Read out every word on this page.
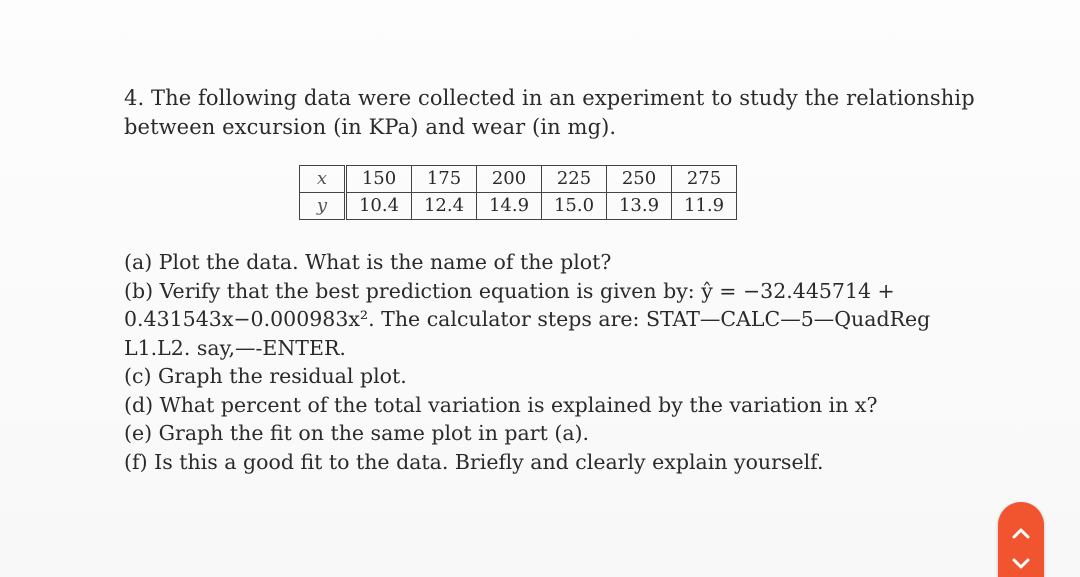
4. The following data were collected in an experiment to study the relationship
between excursion (in KPa) and wear (in mg).
x	150	175	200	225	250	275
y	10.4	12.4	14.9	15.0	13.9	11.9
(a) Plot the data. What is the name of the plot?
(b) Verify that the best prediction equation is given by: ŷ = −32.445714 +
0.431543x−0.000983x². The calculator steps are: STAT—CALC—5—QuadReg
L1.L2. say,—-ENTER.
(c) Graph the residual plot.
(d) What percent of the total variation is explained by the variation in x?
(e) Graph the fit on the same plot in part (a).
(f) Is this a good fit to the data. Briefly and clearly explain yourself.
